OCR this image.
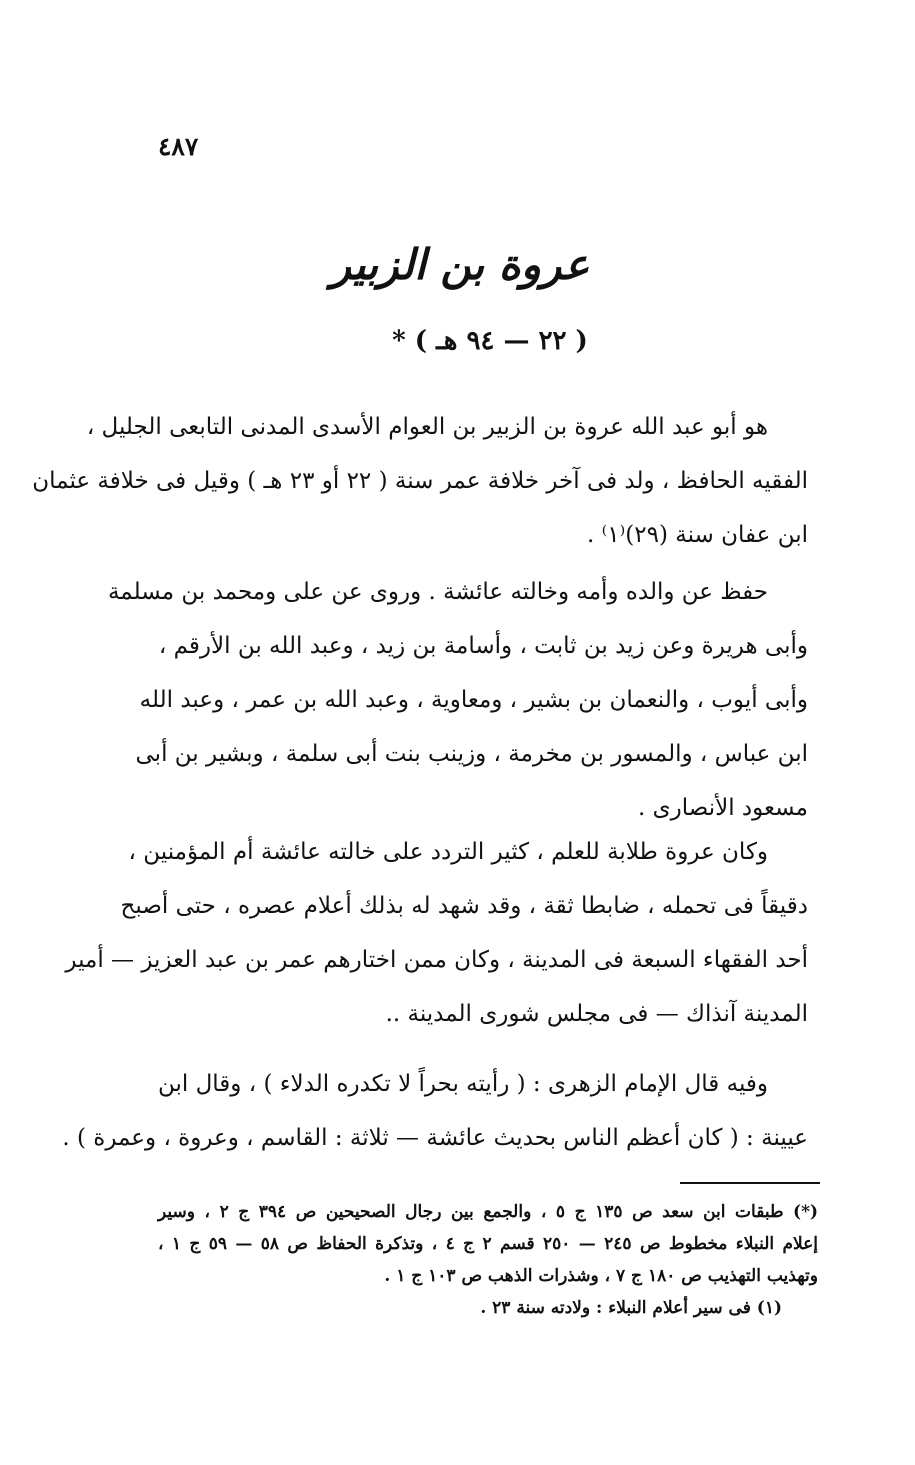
٤٨٧
عروة بن الزبير
( ٢٢ — ٩٤ هـ ) *
هو أبو عبد الله عروة بن الزبير بن العوام الأسدى المدنى التابعى الجليل ،
الفقيه الحافظ ، ولد فى آخر خلافة عمر سنة ( ٢٢ أو ٢٣ هـ ) وقيل فى خلافة عثمان
ابن عفان سنة (٢٩)⁽١⁾ .
حفظ عن والده وأمه وخالته عائشة . وروى عن على ومحمد بن مسلمة
وأبى هريرة وعن زيد بن ثابت ، وأسامة بن زيد ، وعبد الله بن الأرقم ،
وأبى أيوب ، والنعمان بن بشير ، ومعاوية ، وعبد الله بن عمر ، وعبد الله
ابن عباس ، والمسور بن مخرمة ، وزينب بنت أبى سلمة ، وبشير بن أبى
مسعود الأنصارى .
وكان عروة طلابة للعلم ، كثير التردد على خالته عائشة أم المؤمنين ،
دقيقاً فى تحمله ، ضابطا ثقة ، وقد شهد له بذلك أعلام عصره ، حتى أصبح
أحد الفقهاء السبعة فى المدينة ، وكان ممن اختارهم عمر بن عبد العزيز — أمير
المدينة آنذاك — فى مجلس شورى المدينة ..
وفيه قال الإمام الزهرى : ( رأيته بحراً لا تكدره الدلاء ) ، وقال ابن
عيينة : ( كان أعظم الناس بحديث عائشة — ثلاثة : القاسم ، وعروة ، وعمرة ) .
(*) طبقات ابن سعد ص ١٣٥ ج ٥ ، والجمع بين رجال الصحيحين ص ٣٩٤ ج ٢ ، وسير
إعلام النبلاء مخطوط ص ٢٤٥ — ٢٥٠ قسم ٢ ج ٤ ، وتذكرة الحفاظ ص ٥٨ — ٥٩ ج ١ ،
وتهذيب التهذيب ص ١٨٠ ج ٧ ، وشذرات الذهب ص ١٠٣ ج ١ .
(١) فى سير أعلام النبلاء : ولادته سنة ٢٣ .
